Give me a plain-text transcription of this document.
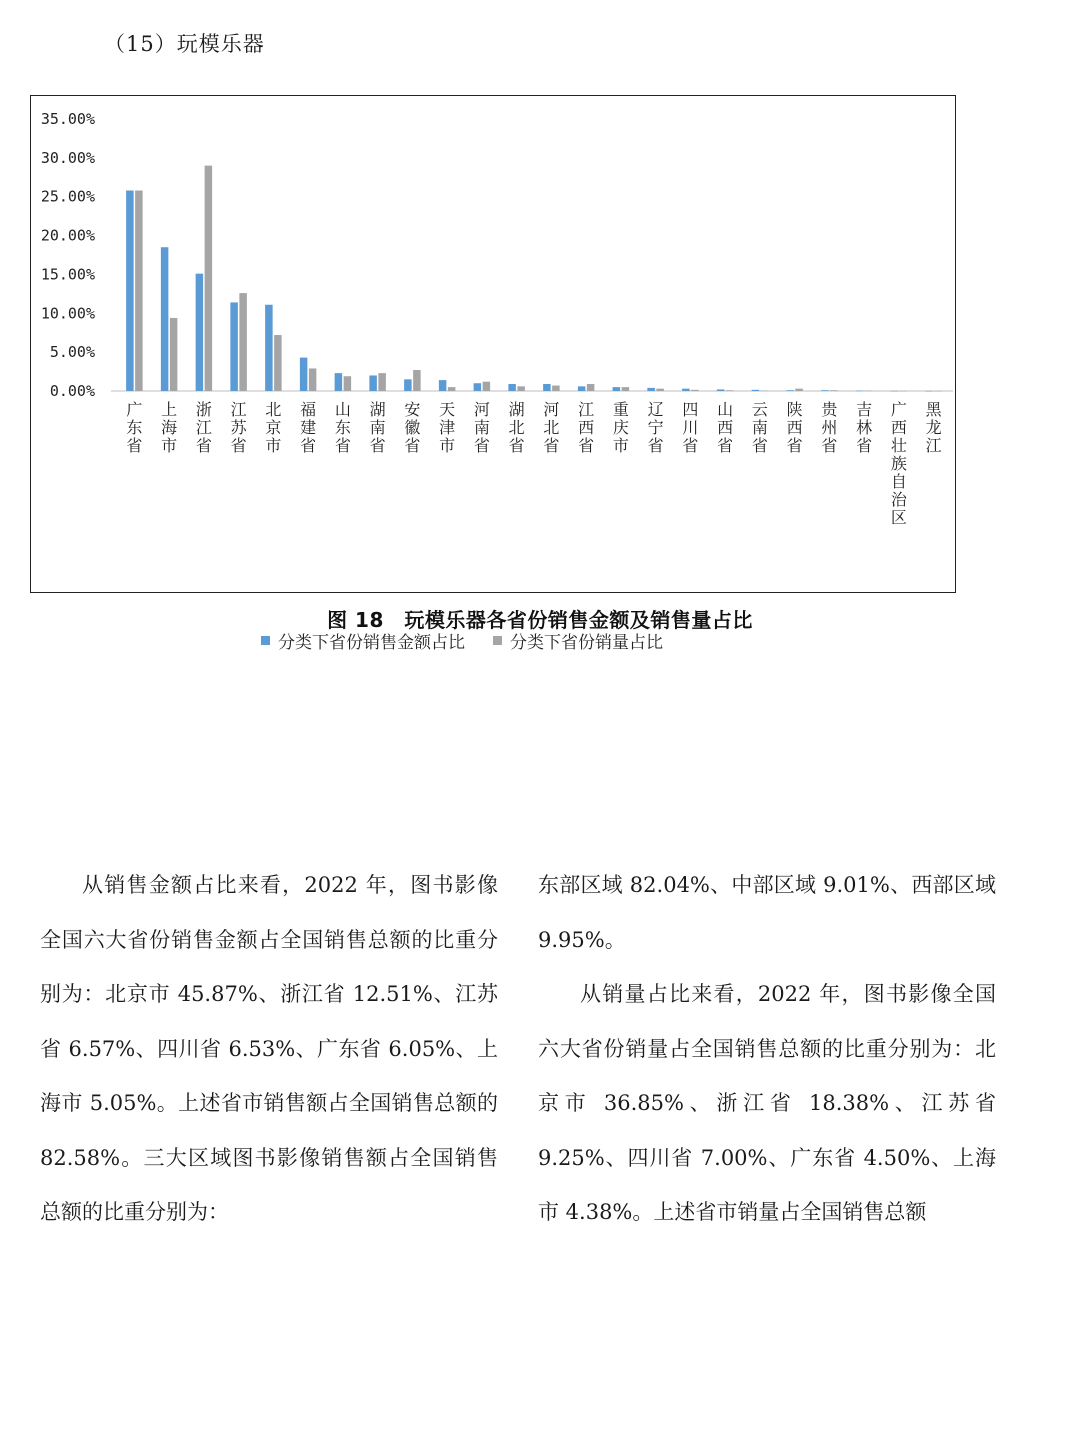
（15）玩模乐器
35.00%
30.00%
25.00%
20.00%
15.00%
10.00%
5.00%
0.00%
广东省
上海市
浙江省
江苏省
北京市
福建省
山东省
湖南省
安徽省
天津市
河南省
湖北省
河北省
江西省
重庆市
辽宁省
四川省
山西省
云南省
陕西省
贵州省
吉林省
广西壮族自治区
黑龙江
分类下省份销售金额占比	分类下省份销量占比
图 18　玩模乐器各省份销售金额及销售量占比

从销售金额占比来看，2022 年，图书影像全国六大省份销售金额占全国销售总额的比重分别为：北京市 45.87%、浙江省 12.51%、江苏省 6.57%、四川省 6.53%、广东省 6.05%、上海市 5.05%。上述省市销售额占全国销售总额的 82.58%。三大区域图书影像销售额占全国销售总额的比重分别为：

东部区域 82.04%、中部区域 9.01%、西部区域 9.95%。

从销量占比来看，2022 年，图书影像全国六大省份销量占全国销售总额的比重分别为：北京市 36.85%、浙江省 18.38%、江苏省 9.25%、四川省 7.00%、广东省 4.50%、上海市 4.38%。上述省市销量占全国销售总额
